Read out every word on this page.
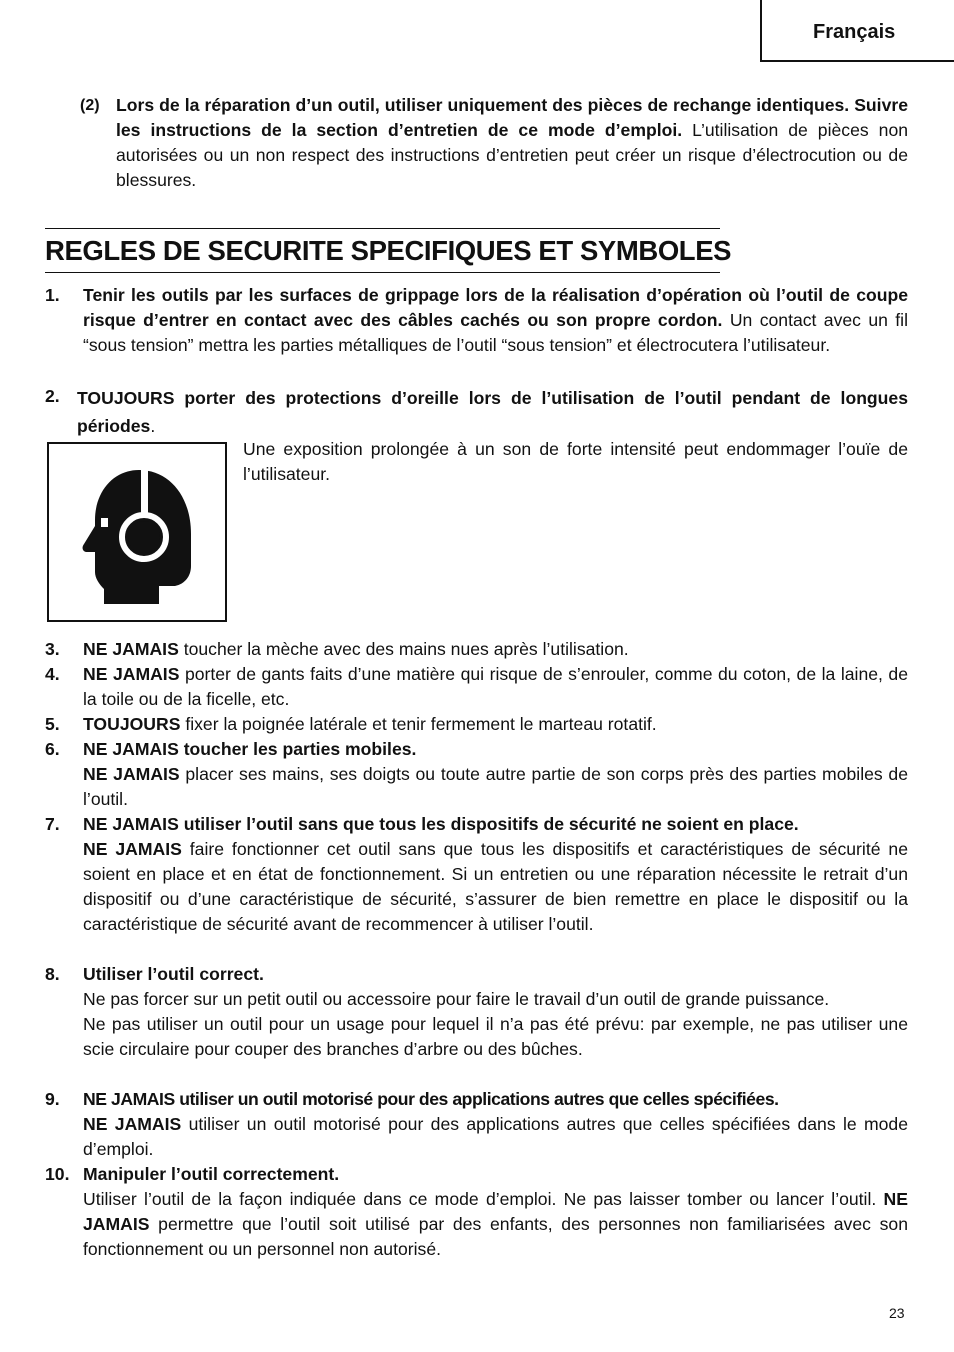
Français
(2) Lors de la réparation d’un outil, utiliser uniquement des pièces de rechange identiques. Suivre les instructions de la section d’entretien de ce mode d’emploi. L’utilisation de pièces non autorisées ou un non respect des instructions d’entretien peut créer un risque d’électrocution ou de blessures.
REGLES DE SECURITE SPECIFIQUES ET SYMBOLES
1. Tenir les outils par les surfaces de grippage lors de la réalisation d’opération où l’outil de coupe risque d’entrer en contact avec des câbles cachés ou son propre cordon. Un contact avec un fil “sous tension” mettra les parties métalliques de l’outil “sous tension” et électrocutera l’utilisateur.
2. TOUJOURS porter des protections d’oreille lors de l’utilisation de l’outil pendant de longues périodes.
Une exposition prolongée à un son de forte intensité peut endommager l’ouïe de l’utilisateur.
3. NE JAMAIS toucher la mèche avec des mains nues après l’utilisation.
4. NE JAMAIS porter de gants faits d’une matière qui risque de s’enrouler, comme du coton, de la laine, de la toile ou de la ficelle, etc.
5. TOUJOURS fixer la poignée latérale et tenir fermement le marteau rotatif.
6. NE JAMAIS toucher les parties mobiles.
NE JAMAIS placer ses mains, ses doigts ou toute autre partie de son corps près des parties mobiles de l’outil.
7. NE JAMAIS utiliser l’outil sans que tous les dispositifs de sécurité ne soient en place.
NE JAMAIS faire fonctionner cet outil sans que tous les dispositifs et caractéristiques de sécurité ne soient en place et en état de fonctionnement. Si un entretien ou une réparation nécessite le retrait d’un dispositif ou d’une caractéristique de sécurité, s’assurer de bien remettre en place le dispositif ou la caractéristique de sécurité avant de recommencer à utiliser l’outil.
8. Utiliser l’outil correct.
Ne pas forcer sur un petit outil ou accessoire pour faire le travail d’un outil de grande puissance.
Ne pas utiliser un outil pour un usage pour lequel il n’a pas été prévu: par exemple, ne pas utiliser une scie circulaire pour couper des branches d’arbre ou des bûches.
9. NE JAMAIS utiliser un outil motorisé pour des applications autres que celles spécifiées.
NE JAMAIS utiliser un outil motorisé pour des applications autres que celles spécifiées dans le mode d’emploi.
10. Manipuler l’outil correctement.
Utiliser l’outil de la façon indiquée dans ce mode d’emploi. Ne pas laisser tomber ou lancer l’outil. NE JAMAIS permettre que l’outil soit utilisé par des enfants, des personnes non familiarisées avec son fonctionnement ou un personnel non autorisé.
23
